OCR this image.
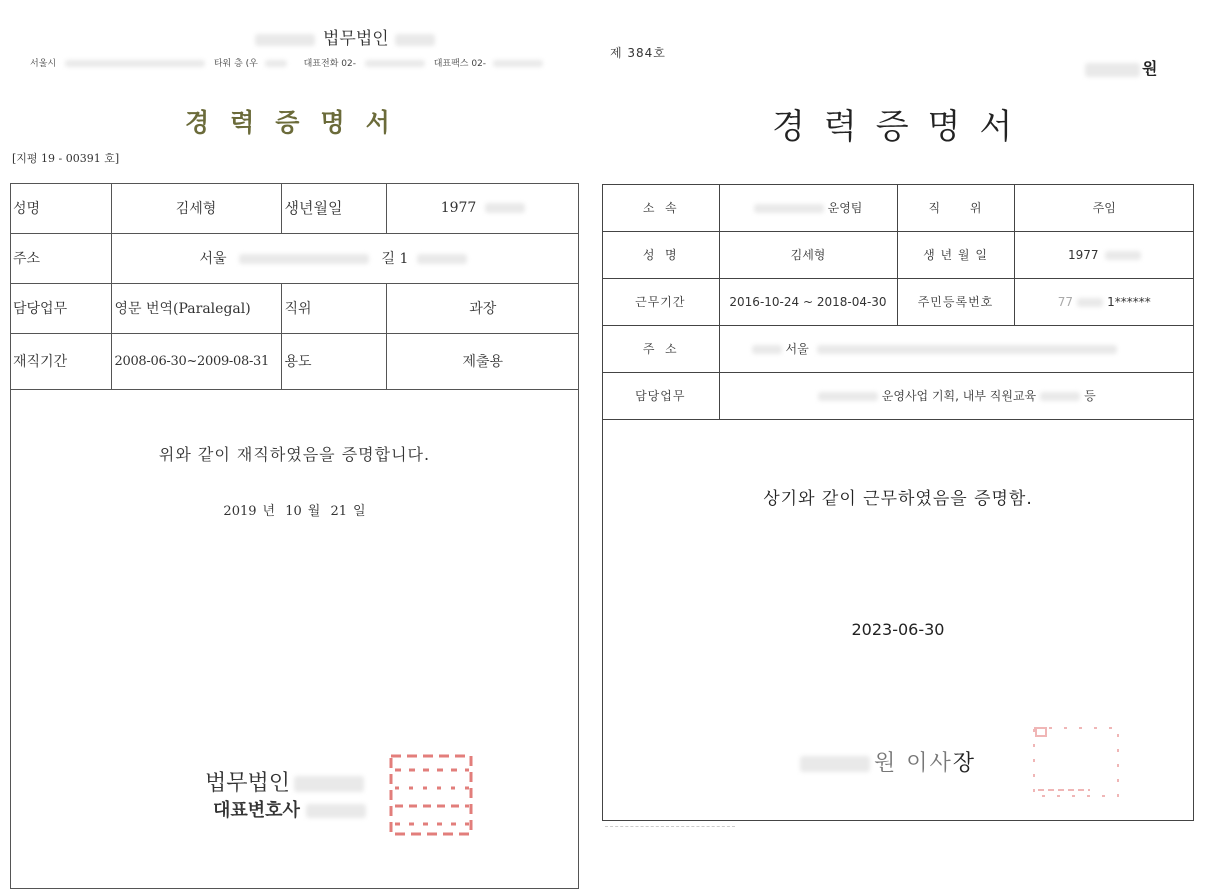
법무법인
서울시	타워 층 (우	대표전화 02-	대표팩스 02-
경력증명서
[지평 19 - 00391 호]
성명	김세형	생년월일	1977
주소	서울 길 1		
담당업무	영문 번역(Paralegal)	직위	과장
재직기간	2008-06-30~2009-08-31	용도	제출용
위와 같이 재직하였음을 증명합니다.
2019 년 10 월 21 일
법무법인
대표변호사
제 384호
원
경력증명서
소  속	운영팀	직      위	주임
성  명	김세형	생 년 월 일	1977
근무기간	2016-10-24 ~ 2018-04-30	주민등록번호	77 1******
주  소	서울		
담당업무	운영사업 기획, 내부 직원교육 등		
상기와 같이 근무하였음을 증명함.
2023-06-30
원 이사장
